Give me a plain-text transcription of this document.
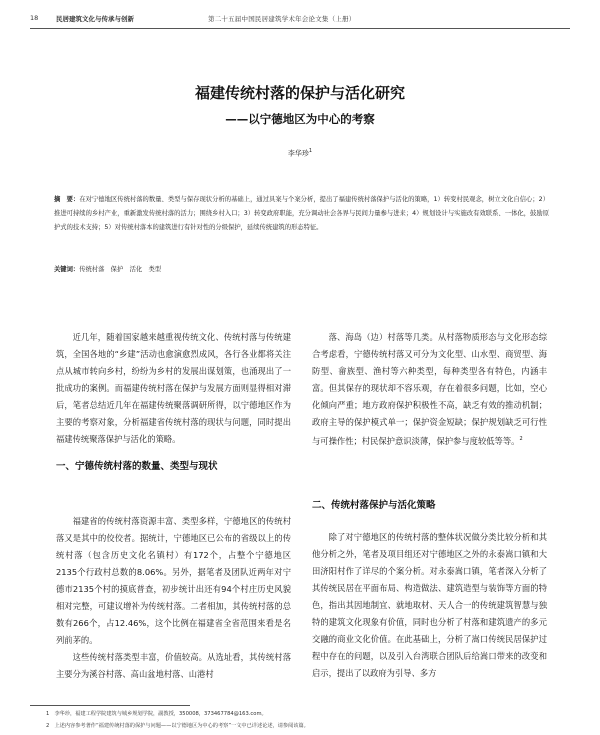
18	民居建筑文化与传承与创新	第二十五届中国民居建筑学术年会论文集（上册）
福建传统村落的保护与活化研究
——以宁德地区为中心的考察
李华珍$^1$
摘　要：在对宁德地区传统村落的数量、类型与保存现状分析的基础上，通过具案与个案分析，提出了福建传统村落保护与活化的策略，1）转变村民观念，树立文化自信心；2）推进可持续的乡村产业，重新激发传统村落的活力；围绕乡村入口；3）转变政府职能，充分调动社会各界与民间力量参与进来；4）规划设计与实施改有效联系、一体化，鼓励原护式的技术支持；5）对传统村落本的建筑进行有针对性的分级保护，延续传统建筑的形态特征。
关键词：传统村落　保护　活化　类型

近几年，随着国家越来越重视传统文化、传统村落与传统建筑，全国各地的“乡建”活动也愈演愈烈成风，各行各业都将关注点从城市转向乡村，纷纷为乡村的发展出谋划策，也涌现出了一批成功的案例。而福建传统村落在保护与发展方面则显得相对滞后，笔者总结近几年在福建传统聚落调研所得，以宁德地区作为主要的考察对象，分析福建省传统村落的现状与问题，同时提出福建传统聚落保护与活化的策略。

一、宁德传统村落的数量、类型与现状

福建省的传统村落资源丰富、类型多样，宁德地区的传统村落又是其中的佼佼者。据统计，宁德地区已公布的省级以上的传统村落（包含历史文化名镇村）有172个，占整个宁德地区2135个行政村总数的8.06%。另外，据笔者及团队近两年对宁德市2135个村的摸底普查，初步统计出还有94个村庄历史风貌相对完整，可建议增补为传统村落。二者相加，其传统村落的总数有266个，占12.46%，这个比例在福建省全省范围来看是名列前茅的。

这些传统村落类型丰富，价值较高。从选址看，其传统村落主要分为溪谷村落、高山盆地村落、山港村

落、海岛（边）村落等几类。从村落物质形态与文化形态综合考虑看，宁德传统村落又可分为文化型、山水型、商贸型、海防型、畲族型、渔村等六种类型，每种类型各有特色，内涵丰富。但其保存的现状却不容乐观，存在着很多问题，比如，空心化倾向严重；地方政府保护积极性不高，缺乏有效的推动机制；政府主导的保护模式单一；保护资金短缺；保护规划缺乏可行性与可操作性；村民保护意识淡薄，保护参与度较低等等。$^2$

二、传统村落保护与活化策略

除了对宁德地区的传统村落的整体状况做分类比较分析和其他分析之外，笔者及项目组还对宁德地区之外的永泰嵩口镇和大田济阳村作了详尽的个案分析。对永泰嵩口镇，笔者深入分析了其传统民居在平面布局、构造做法、建筑造型与装饰等方面的特色，指出其因地制宜、就地取材、天人合一的传统建筑智慧与独特的建筑文化现象有价值，同时也分析了村落和建筑遗产的多元交融的商业文化价值。在此基础上，分析了嵩口传统民居保护过程中存在的问题，以及引入台湾联合团队后给嵩口带来的改变和启示，提出了以政府为引导、多方

1　李华珍，福建工程学院建筑与城乡规划学院，副教授，350008，373467784@163.com。
2　上述内容参考著作“福建传统村落的保护与问题——以宁德地区为中心的考察”一文中已详述论述，请参阅该篇。
